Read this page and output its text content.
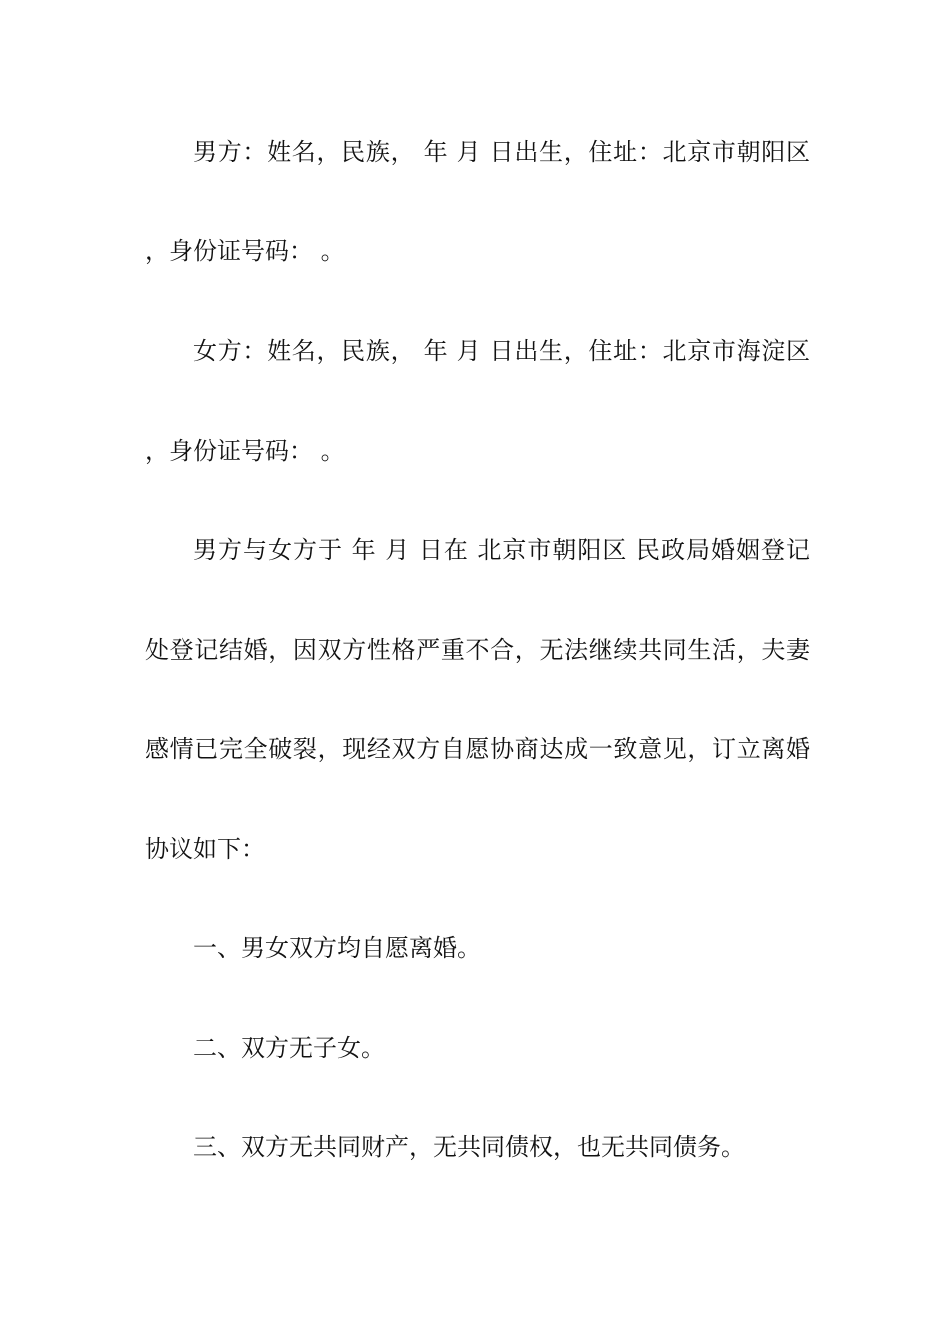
男方：姓名，民族， 年 月 日出生，住址：北京市朝阳区
，身份证号码： 。
女方：姓名，民族， 年 月 日出生，住址：北京市海淀区
，身份证号码： 。
男方与女方于 年 月 日在 北京市朝阳区 民政局婚姻登记
处登记结婚，因双方性格严重不合，无法继续共同生活，夫妻
感情已完全破裂，现经双方自愿协商达成一致意见，订立离婚
协议如下：
一、男女双方均自愿离婚。
二、双方无子女。
三、双方无共同财产，无共同债权，也无共同债务。
